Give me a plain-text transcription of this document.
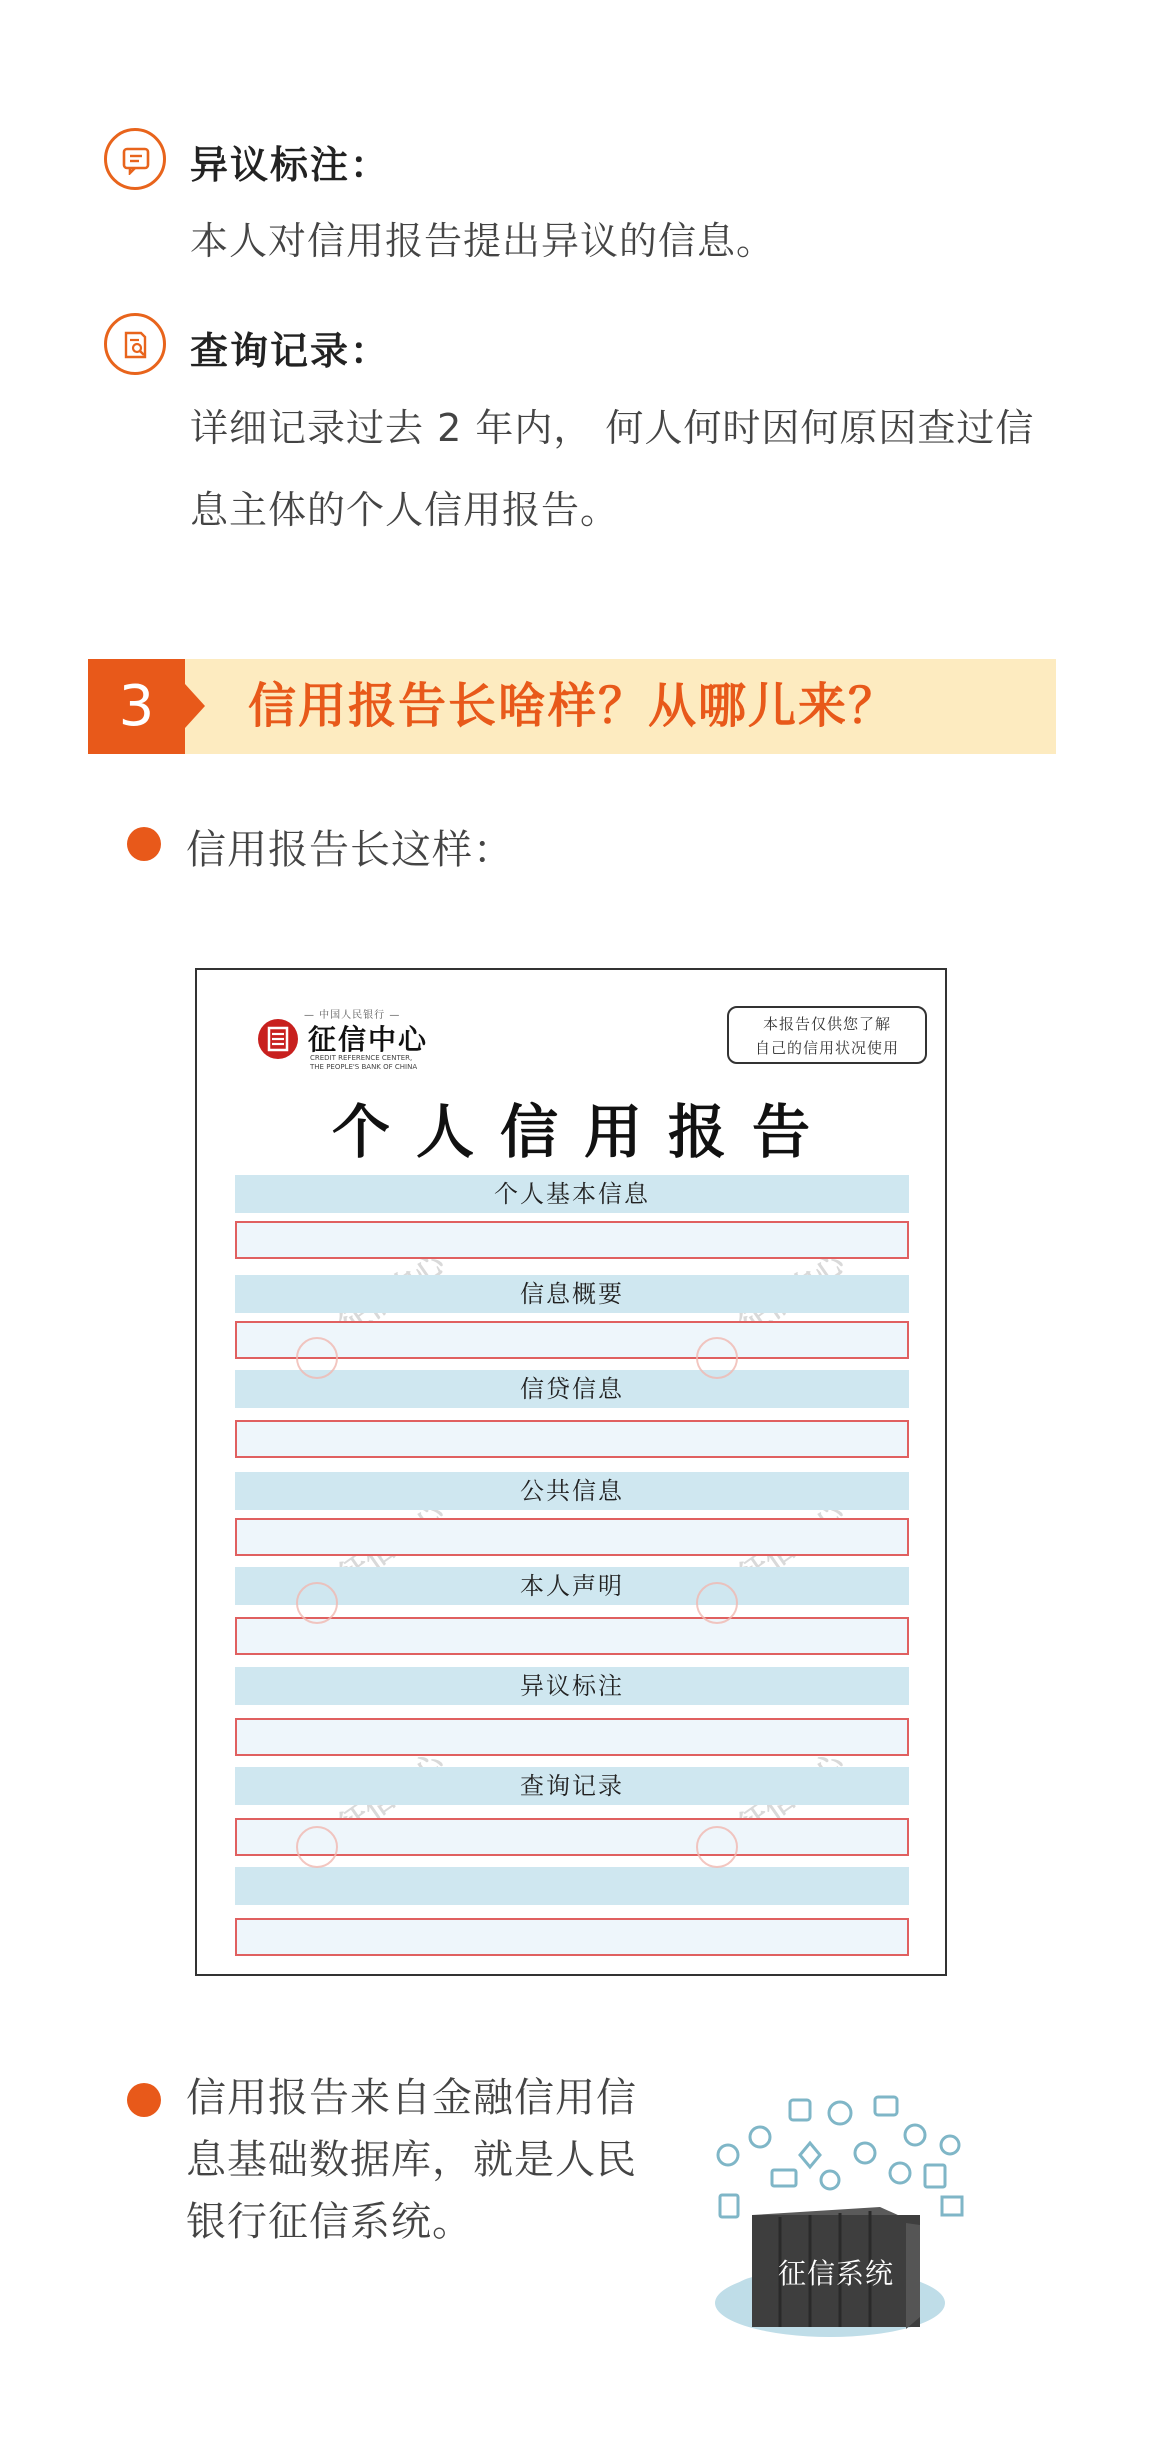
异议标注：
本人对信用报告提出异议的信息。
查询记录：
详细记录过去 2 年内， 何人何时因何原因查过信
息主体的个人信用报告。
3	信用报告长啥样？从哪儿来？
信用报告长这样：
— 中国人民银行 —
征信中心
CREDIT REFERENCE CENTER,
THE PEOPLE'S BANK OF CHINA
本报告仅供您了解
自己的信用状况使用
个人信用报告
个人基本信息
信息概要
信贷信息
公共信息
本人声明
异议标注
查询记录
信用报告来自金融信用信
息基础数据库，就是人民
银行征信系统。
征信系统
